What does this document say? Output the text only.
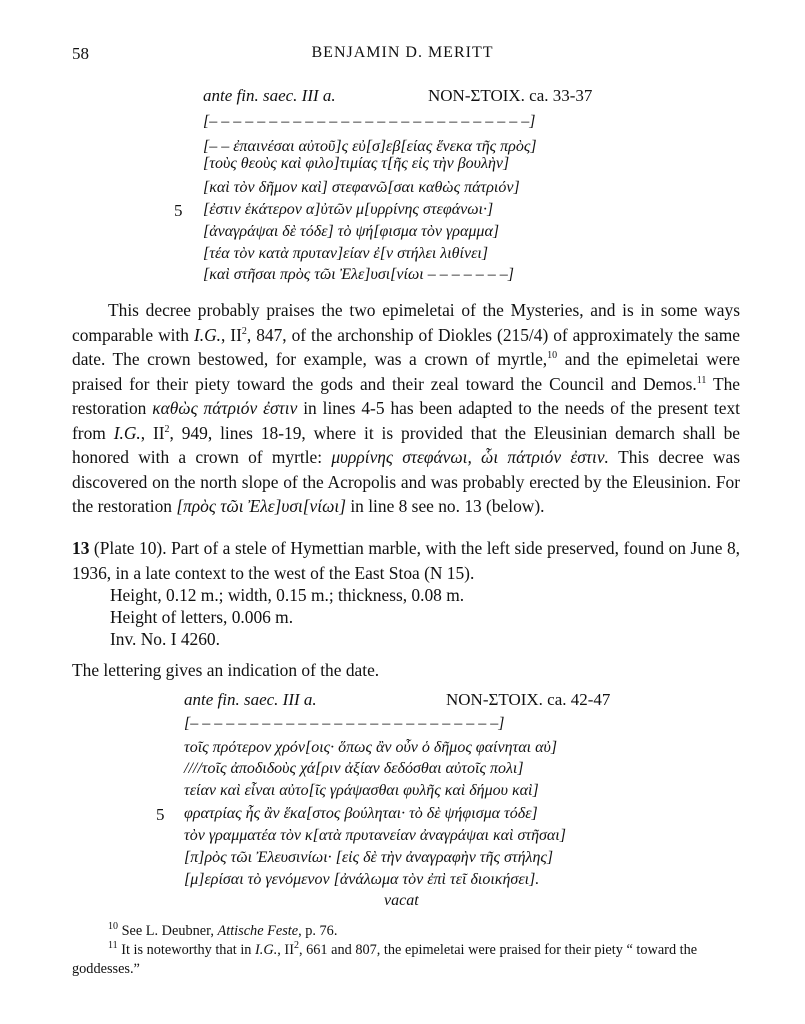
58	BENJAMIN D. MERITT
ante fin. saec. III a.	NON-ΣΤΟΙΧ. ca. 33-37
[– – – – – – – – – – – – – – – – – – – – – – – – – – –]
[– – ἐπαινέσαι αὐτοῦ]ς εὐ[σ]εβ[είας ἕνεκα τῆς πρὸς]
[τοὺς θεοὺς καὶ φιλο]τιμίας τ[ῆς εἰς τὴν βουλὴν]
[καὶ τὸν δῆμον καὶ] στεφανῶ[σαι καθὼς πάτριόν]
5 [ἐστιν ἑκάτερον α]ὐτῶν μ[υρρίνης στεφάνωι·]
[ἀναγράψαι δὲ τόδε] τὸ ψή[φισμα τὸν γραμμα]
[τέα τὸν κατὰ πρυταν]είαν ἐ[ν στήλει λιθίνει]
[καὶ στῆσαι πρὸς τῶι Ἐλε]υσι[νίωι – – – – – – –]

This decree probably praises the two epimeletai of the Mysteries, and is in some ways comparable with I.G., $II^2$, 847, of the archonship of Diokles (215/4) of approximately the same date. The crown bestowed, for example, was a crown of myrtle,$^{10}$ and the epimeletai were praised for their piety toward the gods and their zeal toward the Council and Demos.$^{11}$ The restoration καθὼς πάτριόν ἐστιν in lines 4-5 has been adapted to the needs of the present text from I.G., $II^2$, 949, lines 18-19, where it is provided that the Eleusinian demarch shall be honored with a crown of myrtle: μυρρίνης στεφάνωι, ὧι πάτριόν ἐστιν. This decree was discovered on the north slope of the Acropolis and was probably erected by the Eleusinion. For the restoration [πρὸς τῶι Ἐλε]υσι[νίωι] in line 8 see no. 13 (below).

13 (Plate 10). Part of a stele of Hymettian marble, with the left side preserved, found on June 8, 1936, in a late context to the west of the East Stoa (N 15).

Height, 0.12 m.; width, 0.15 m.; thickness, 0.08 m.
Height of letters, 0.006 m.
Inv. No. I 4260.
The lettering gives an indication of the date.
ante fin. saec. III a.	NON-ΣΤΟΙΧ. ca. 42-47
[– – – – – – – – – – – – – – – – – – – – – – – – – –]
τοῖς πρότερον χρόν[οις· ὅπως ἂν οὖν ὁ δῆμος φαίνηται αὐ]
////τοῖς ἀποδιδοὺς χά[ριν ἀξίαν δεδόσθαι αὐτοῖς πολι]
τείαν καὶ εἶναι αὐτο[ῖς γράψασθαι φυλῆς καὶ δήμου καὶ]
5 φρατρίας ἧς ἂν ἕκα[στος βούληται· τὸ δὲ ψήφισμα τόδε]
τὸν γραμματέα τὸν κ[ατὰ πρυτανείαν ἀναγράψαι καὶ στῆσαι]
[π]ρὸς τῶι Ἐλευσινίωι· [εἰς δὲ τὴν ἀναγραφὴν τῆς στήλης]
[μ]ερίσαι τὸ γενόμενον [ἀνάλωμα τὸν ἐπὶ τεῖ διοικήσει].
vacat

$^{10}$ See L. Deubner, Attische Feste, p. 76.

$^{11}$ It is noteworthy that in I.G., $II^2$, 661 and 807, the epimeletai were praised for their piety “ toward the goddesses.”
